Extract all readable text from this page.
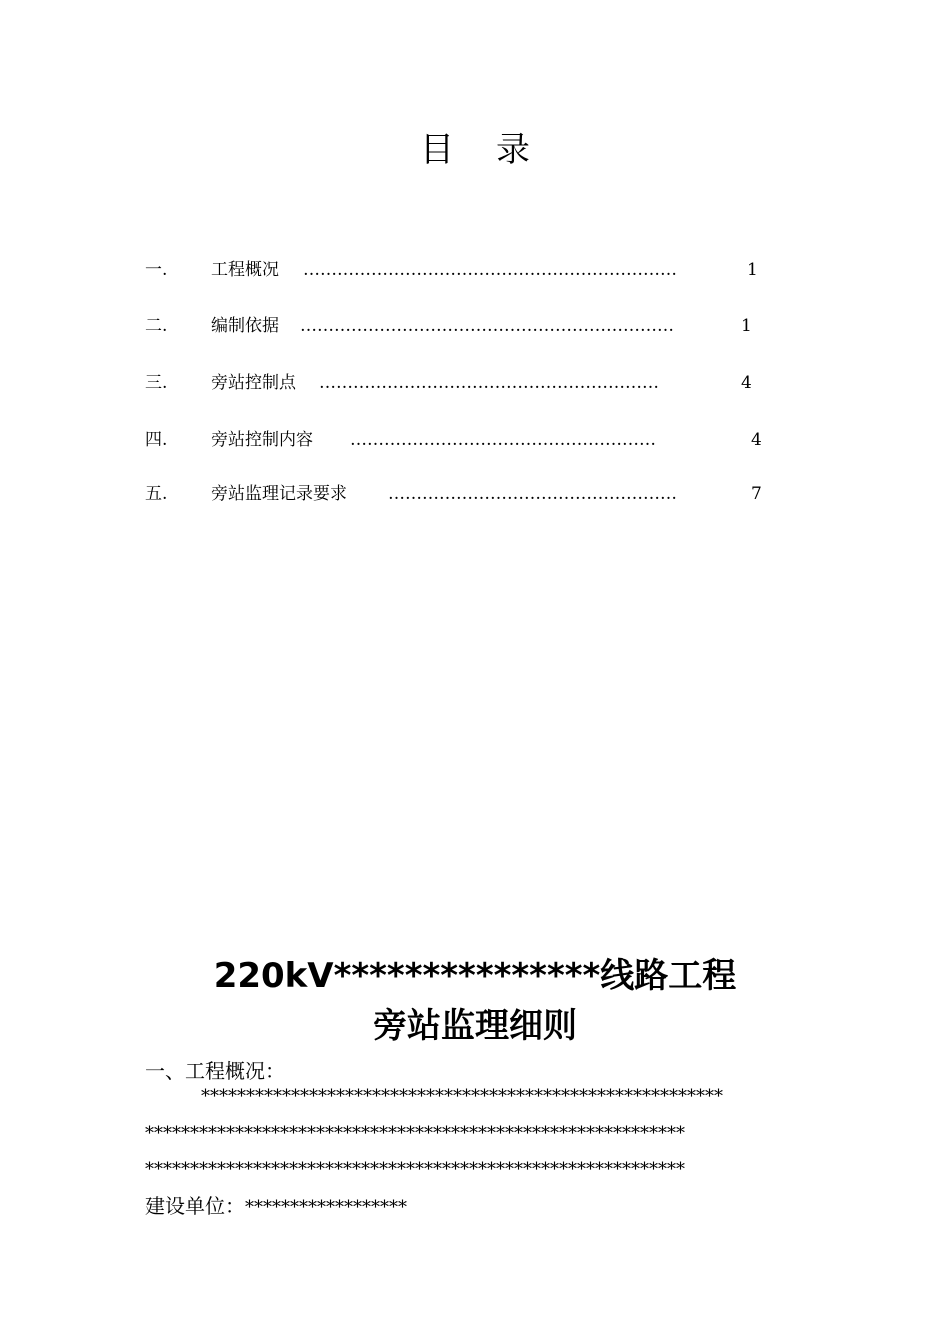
目录
一.	工程概况 …………………………………………………………	1
二.	编制依据 …………………………………………………………	1
三.	旁站控制点 ……………………………………………………	4
四.	旁站控制内容 ………………………………………………	4
五.	旁站监理记录要求 ……………………………………………	7
220kV***************线路工程
旁站监理细则
一、工程概况：
**********************************************************
************************************************************
************************************************************
建设单位：******************
